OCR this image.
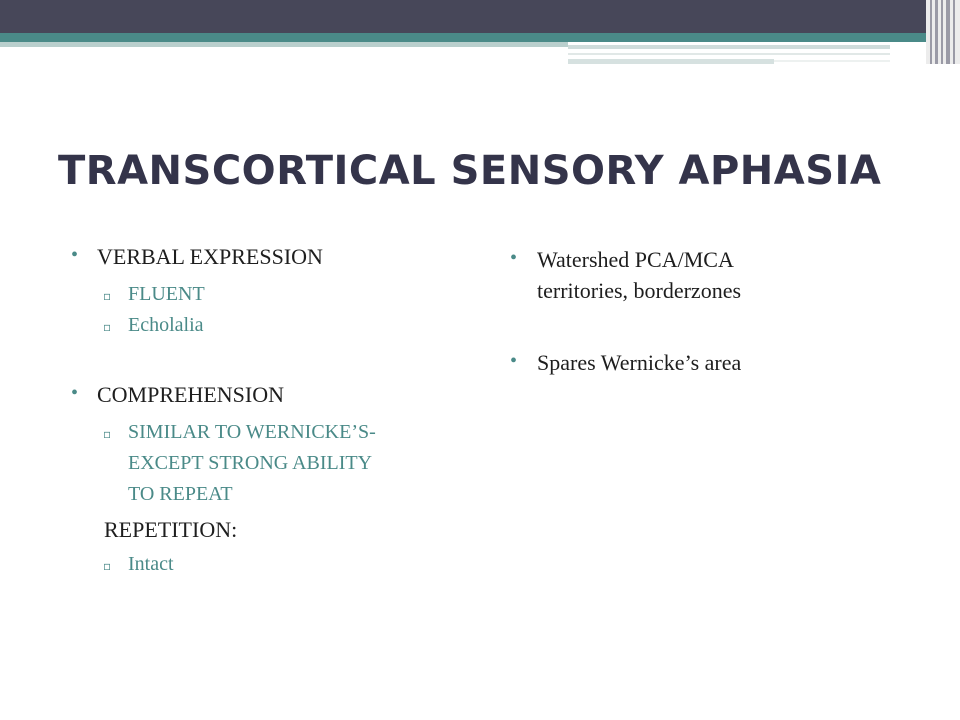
TRANSCORTICAL SENSORY APHASIA
• VERBAL EXPRESSION
▫ FLUENT
▫ Echolalia
• COMPREHENSION
▫ SIMILAR TO WERNICKE’S-
EXCEPT STRONG ABILITY
TO REPEAT
REPETITION:
▫ Intact
• Watershed PCA/MCA
territories, borderzones
• Spares Wernicke’s area
